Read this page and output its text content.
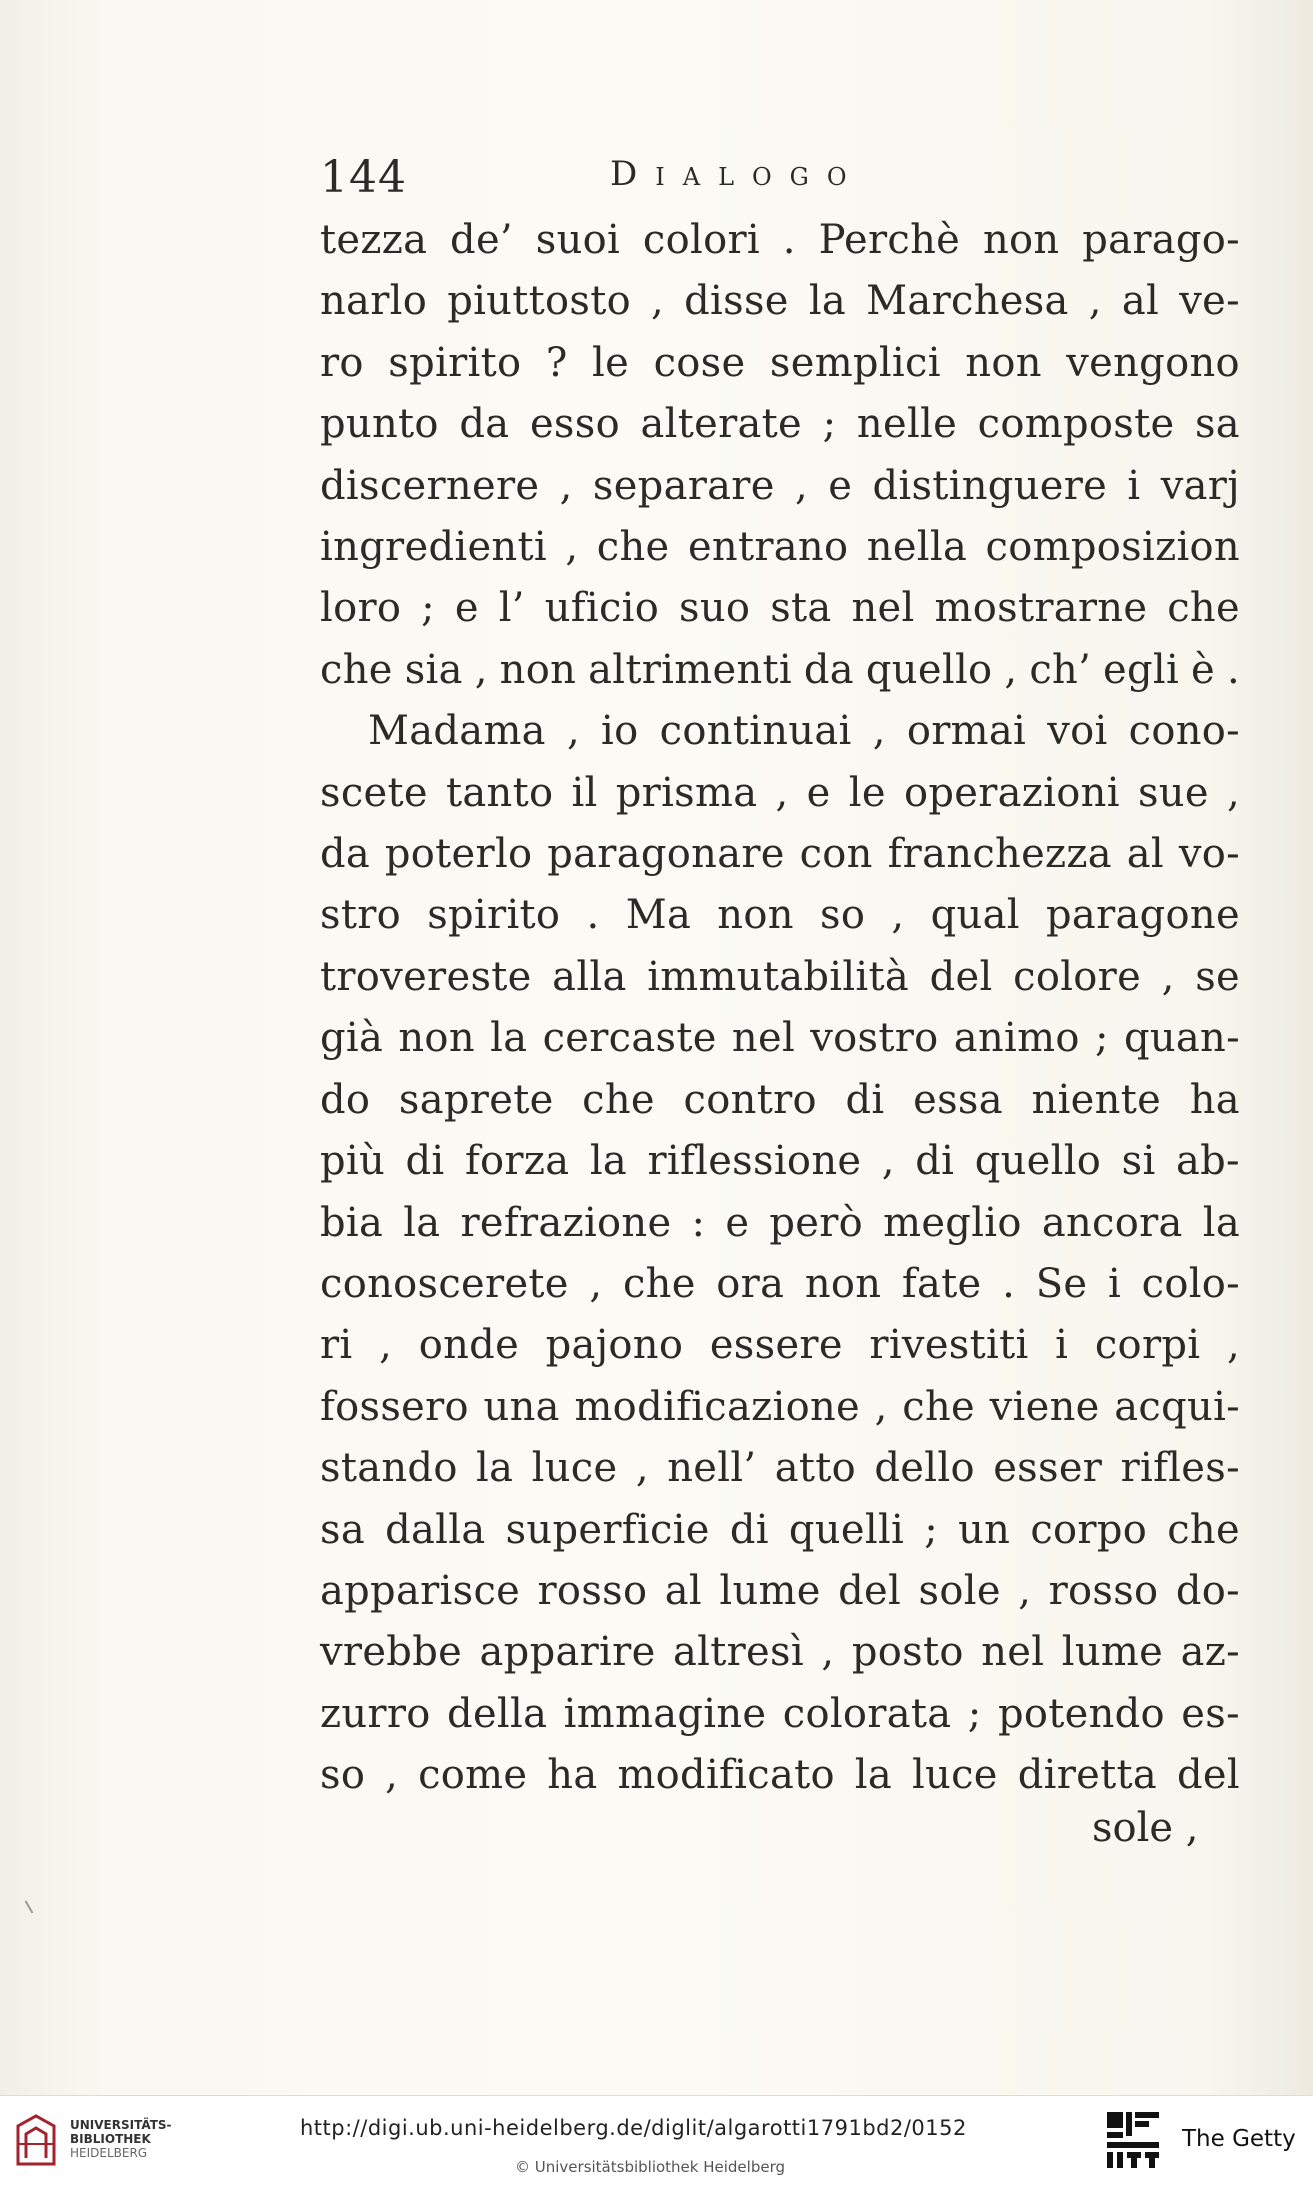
144	Dialogo
tezza de’ suoi colori . Perchè non parago-
narlo piuttosto , disse la Marchesa , al ve-
ro spirito ? le cose semplici non vengono
punto da esso alterate ; nelle composte sa
discernere , separare , e distinguere i varj
ingredienti , che entrano nella composizion
loro ; e l’ uficio suo sta nel mostrarne che
che sia , non altrimenti da quello , ch’ egli è .
Madama , io continuai , ormai voi cono-
scete tanto il prisma , e le operazioni sue ,
da poterlo paragonare con franchezza al vo-
stro spirito . Ma non so , qual paragone
trovereste alla immutabilità del colore , se
già non la cercaste nel vostro animo ; quan-
do saprete che contro di essa niente ha
più di forza la riflessione , di quello si ab-
bia la refrazione : e però meglio ancora la
conoscerete , che ora non fate . Se i colo-
ri , onde pajono essere rivestiti i corpi ,
fossero una modificazione , che viene acqui-
stando la luce , nell’ atto dello esser rifles-
sa dalla superficie di quelli ; un corpo che
apparisce rosso al lume del sole , rosso do-
vrebbe apparire altresì , posto nel lume az-
zurro della immagine colorata ; potendo es-
so , come ha modificato la luce diretta del
sole ,
UNIVERSITÄTS-
BIBLIOTHEK
HEIDELBERG
http://digi.ub.uni-heidelberg.de/diglit/algarotti1791bd2/0152
© Universitätsbibliothek Heidelberg
The Getty
